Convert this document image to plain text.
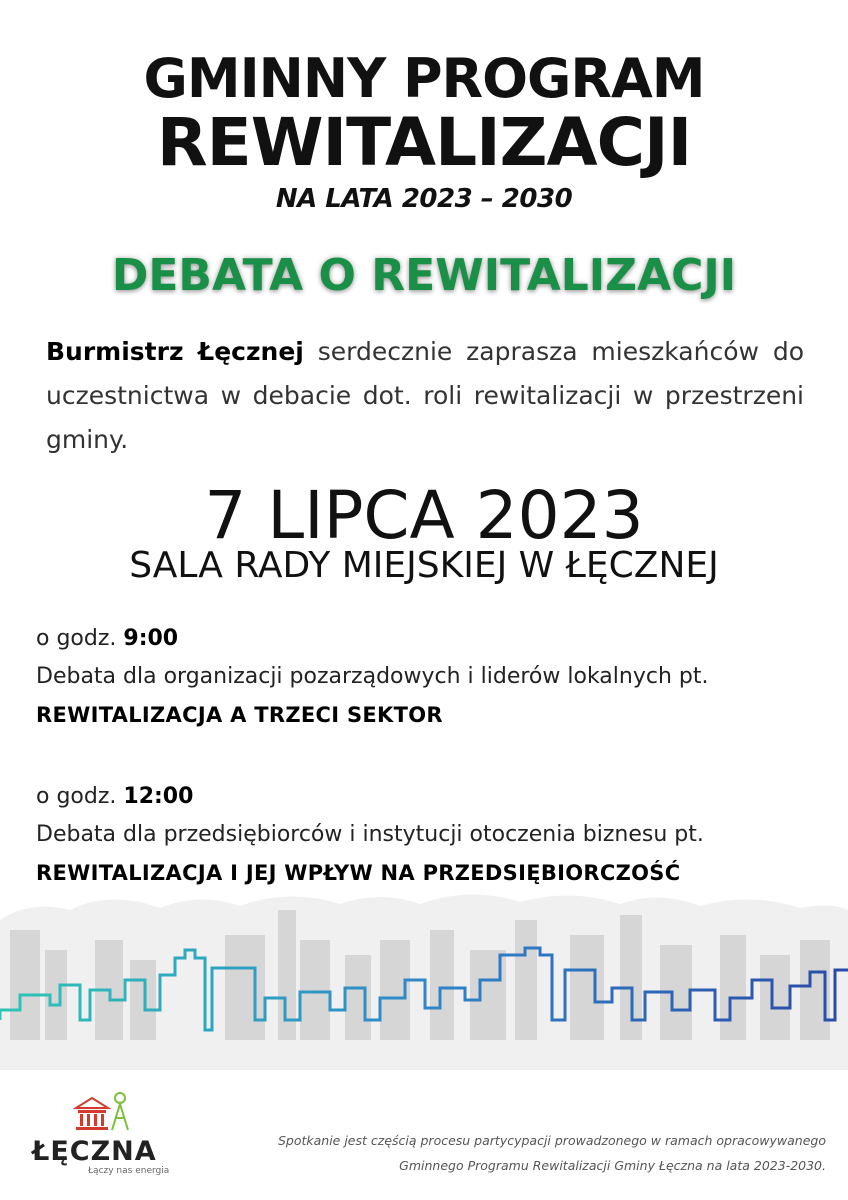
GMINNY PROGRAM
REWITALIZACJI
NA LATA 2023 – 2030
DEBATA O REWITALIZACJI
Burmistrz Łęcznej serdecznie zaprasza mieszkańców do uczestnictwa w debacie dot. roli rewitalizacji w przestrzeni gminy.
7 LIPCA 2023
SALA RADY MIEJSKIEJ W ŁĘCZNEJ
o godz. 9:00
Debata dla organizacji pozarządowych i liderów lokalnych pt.
REWITALIZACJA A TRZECI SEKTOR
o godz. 12:00
Debata dla przedsiębiorców i instytucji otoczenia biznesu pt.
REWITALIZACJA I JEJ WPŁYW NA PRZEDSIĘBIORCZOŚĆ
ŁĘCZNA
Łączy nas energia
Spotkanie jest częścią procesu partycypacji prowadzonego w ramach opracowywanego
Gminnego Programu Rewitalizacji Gminy Łęczna na lata 2023-2030.
